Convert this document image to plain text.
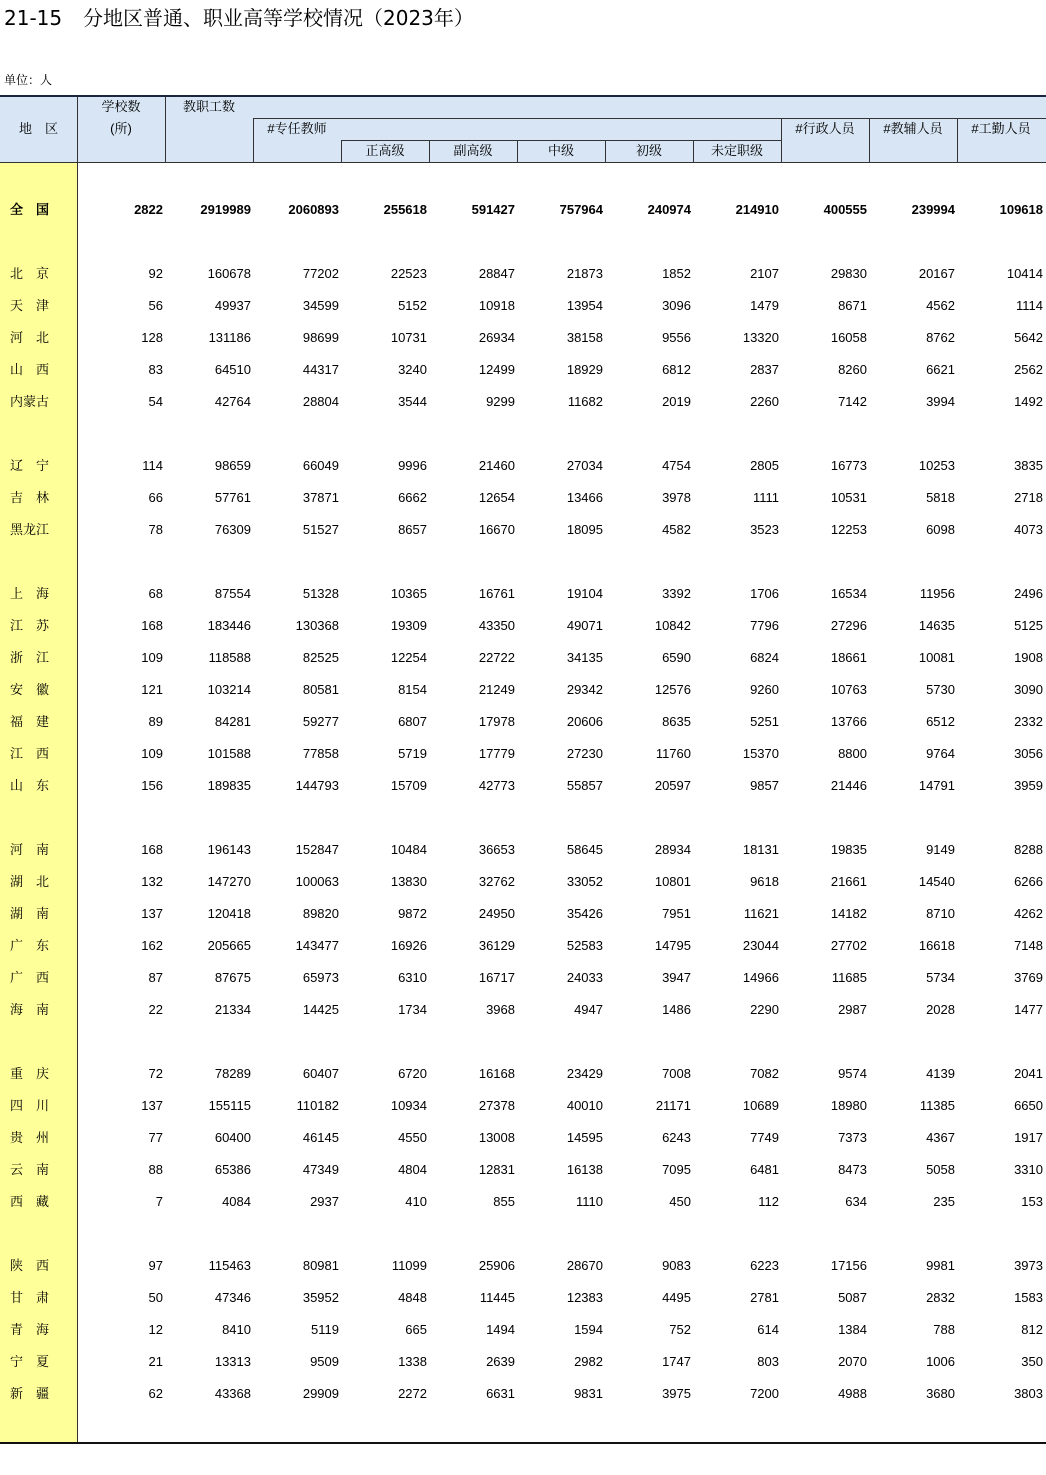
21-15 分地区普通、职业高等学校情况（2023年）
单位：人
地　区
学校数
(所)
教职工数
#专任教师
正高级	副高级	中级	初级	未定职级
#行政人员	#教辅人员	#工勤人员
全　国	2822	2919989	2060893	255618	591427	757964	240974	214910	400555	239994	109618
北　京	92	160678	77202	22523	28847	21873	1852	2107	29830	20167	10414
天　津	56	49937	34599	5152	10918	13954	3096	1479	8671	4562	1114
河　北	128	131186	98699	10731	26934	38158	9556	13320	16058	8762	5642
山　西	83	64510	44317	3240	12499	18929	6812	2837	8260	6621	2562
内蒙古	54	42764	28804	3544	9299	11682	2019	2260	7142	3994	1492
辽　宁	114	98659	66049	9996	21460	27034	4754	2805	16773	10253	3835
吉　林	66	57761	37871	6662	12654	13466	3978	1111	10531	5818	2718
黑龙江	78	76309	51527	8657	16670	18095	4582	3523	12253	6098	4073
上　海	68	87554	51328	10365	16761	19104	3392	1706	16534	11956	2496
江　苏	168	183446	130368	19309	43350	49071	10842	7796	27296	14635	5125
浙　江	109	118588	82525	12254	22722	34135	6590	6824	18661	10081	1908
安　徽	121	103214	80581	8154	21249	29342	12576	9260	10763	5730	3090
福　建	89	84281	59277	6807	17978	20606	8635	5251	13766	6512	2332
江　西	109	101588	77858	5719	17779	27230	11760	15370	8800	9764	3056
山　东	156	189835	144793	15709	42773	55857	20597	9857	21446	14791	3959
河　南	168	196143	152847	10484	36653	58645	28934	18131	19835	9149	8288
湖　北	132	147270	100063	13830	32762	33052	10801	9618	21661	14540	6266
湖　南	137	120418	89820	9872	24950	35426	7951	11621	14182	8710	4262
广　东	162	205665	143477	16926	36129	52583	14795	23044	27702	16618	7148
广　西	87	87675	65973	6310	16717	24033	3947	14966	11685	5734	3769
海　南	22	21334	14425	1734	3968	4947	1486	2290	2987	2028	1477
重　庆	72	78289	60407	6720	16168	23429	7008	7082	9574	4139	2041
四　川	137	155115	110182	10934	27378	40010	21171	10689	18980	11385	6650
贵　州	77	60400	46145	4550	13008	14595	6243	7749	7373	4367	1917
云　南	88	65386	47349	4804	12831	16138	7095	6481	8473	5058	3310
西　藏	7	4084	2937	410	855	1110	450	112	634	235	153
陕　西	97	115463	80981	11099	25906	28670	9083	6223	17156	9981	3973
甘　肃	50	47346	35952	4848	11445	12383	4495	2781	5087	2832	1583
青　海	12	8410	5119	665	1494	1594	752	614	1384	788	812
宁　夏	21	13313	9509	1338	2639	2982	1747	803	2070	1006	350
新　疆	62	43368	29909	2272	6631	9831	3975	7200	4988	3680	3803
